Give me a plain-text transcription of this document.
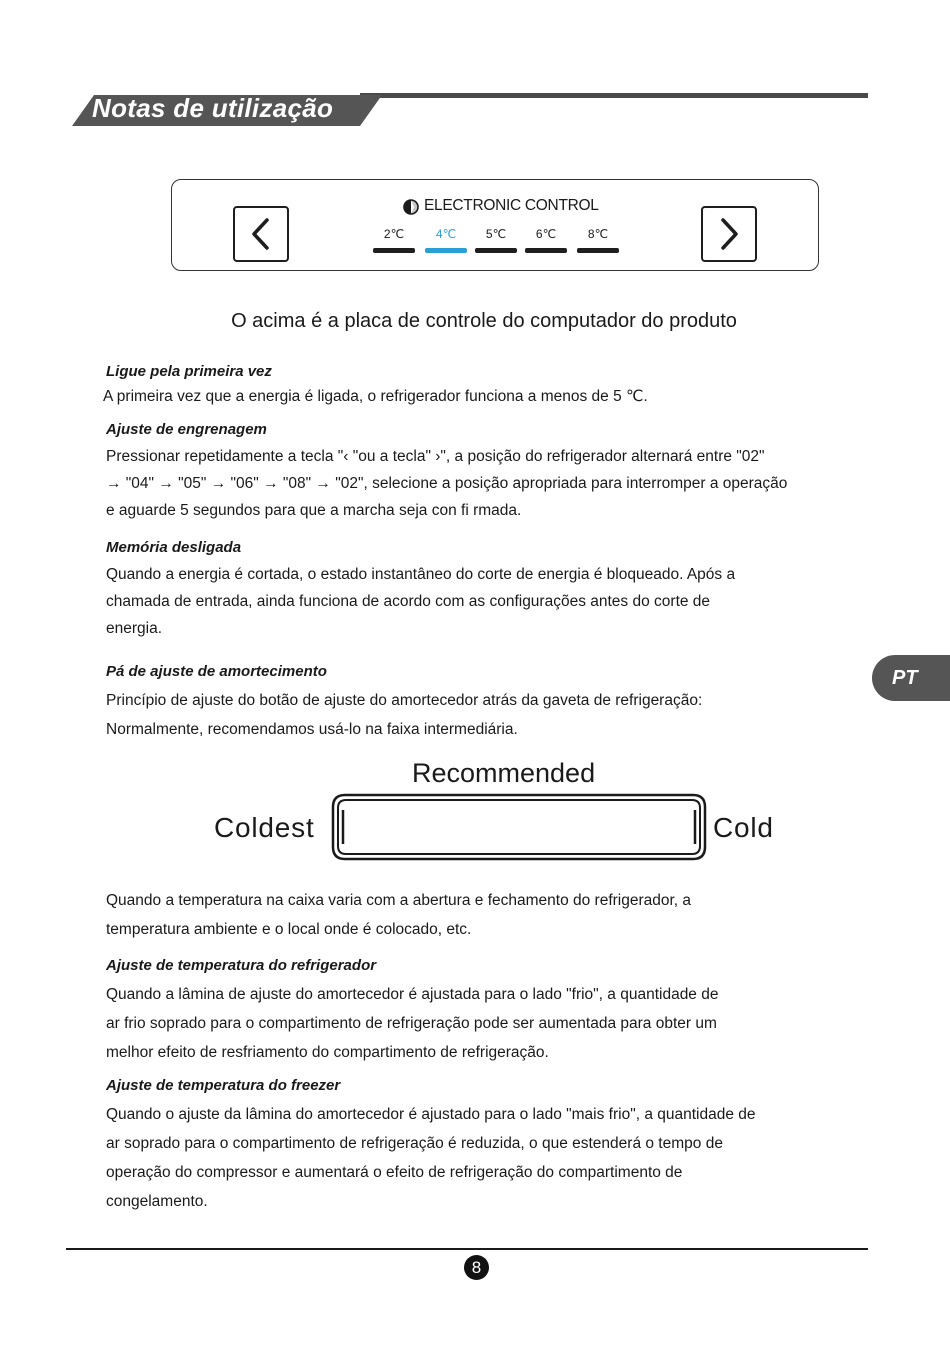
Notas de utilização
ELECTRONIC CONTROL
2℃	4℃	5℃	6℃	8℃
O acima é a placa de controle do computador do produto
Ligue pela primeira vez
A primeira vez que a energia é ligada, o refrigerador funciona a menos de 5 ℃.
Ajuste de engrenagem
Pressionar repetidamente a tecla "‹ "ou a tecla" ›", a posição do refrigerador alternará entre "02"
→ "04" → "05" → "06" → "08" → "02", selecione a posição apropriada para interromper a operação
e aguarde 5 segundos para que a marcha seja con fi rmada.
Memória desligada
Quando a energia é cortada, o estado instantâneo do corte de energia é bloqueado. Após a
chamada de entrada, ainda funciona de acordo com as configurações antes do corte de
energia.
Pá de ajuste de amortecimento
Princípio de ajuste do botão de ajuste do amortecedor atrás da gaveta de refrigeração:
Normalmente, recomendamos usá-lo na faixa intermediária.
Recommended
Coldest	Cold
Quando a temperatura na caixa varia com a abertura e fechamento do refrigerador, a
temperatura ambiente e o local onde é colocado, etc.
Ajuste de temperatura do refrigerador
Quando a lâmina de ajuste do amortecedor é ajustada para o lado "frio", a quantidade de
ar frio soprado para o compartimento de refrigeração pode ser aumentada para obter um
melhor efeito de resfriamento do compartimento de refrigeração.
Ajuste de temperatura do freezer
Quando o ajuste da lâmina do amortecedor é ajustado para o lado "mais frio", a quantidade de
ar soprado para o compartimento de refrigeração é reduzida, o que estenderá o tempo de
operação do compressor e aumentará o efeito de refrigeração do compartimento de
congelamento.
PT
8
